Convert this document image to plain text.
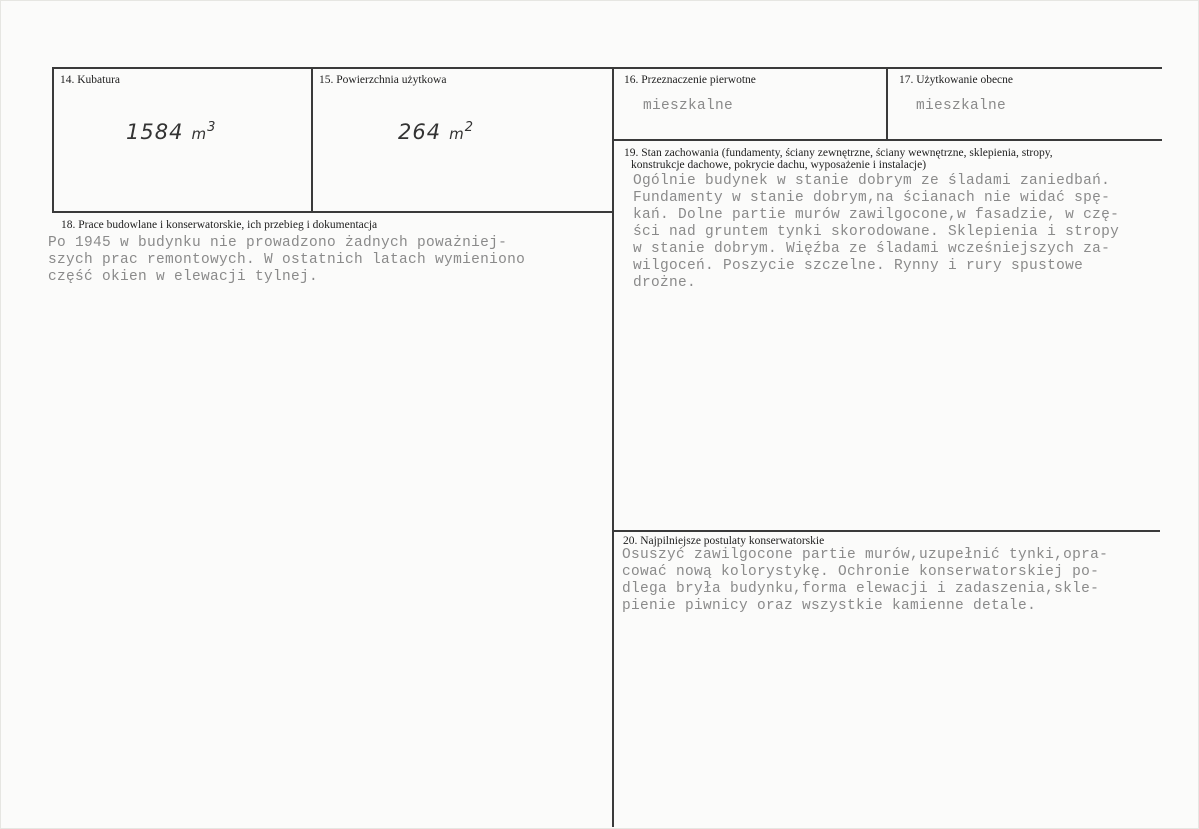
14. Kubatura
1584 $m^3$
15. Powierzchnia użytkowa
264 $m^2$
16. Przeznaczenie pierwotne
mieszkalne
17. Użytkowanie obecne
mieszkalne
18. Prace budowlane i konserwatorskie, ich przebieg i dokumentacja
Po 1945 w budynku nie prowadzono żadnych poważniej-
szych prac remontowych. W ostatnich latach wymieniono
część okien w elewacji tylnej.
19. Stan zachowania (fundamenty, ściany zewnętrzne, ściany wewnętrzne, sklepienia, stropy,
konstrukcje dachowe, pokrycie dachu, wyposażenie i instalacje)
Ogólnie budynek w stanie dobrym ze śladami zaniedbań.
Fundamenty w stanie dobrym,na ścianach nie widać spę-
kań. Dolne partie murów zawilgocone,w fasadzie, w czę-
ści nad gruntem tynki skorodowane. Sklepienia i stropy
w stanie dobrym. Więźba ze śladami wcześniejszych za-
wilgoceń. Poszycie szczelne. Rynny i rury spustowe
drożne.
20. Najpilniejsze postulaty konserwatorskie
Osuszyć zawilgocone partie murów,uzupełnić tynki,opra-
cować nową kolorystykę. Ochronie konserwatorskiej po-
dlega bryła budynku,forma elewacji i zadaszenia,skle-
pienie piwnicy oraz wszystkie kamienne detale.
